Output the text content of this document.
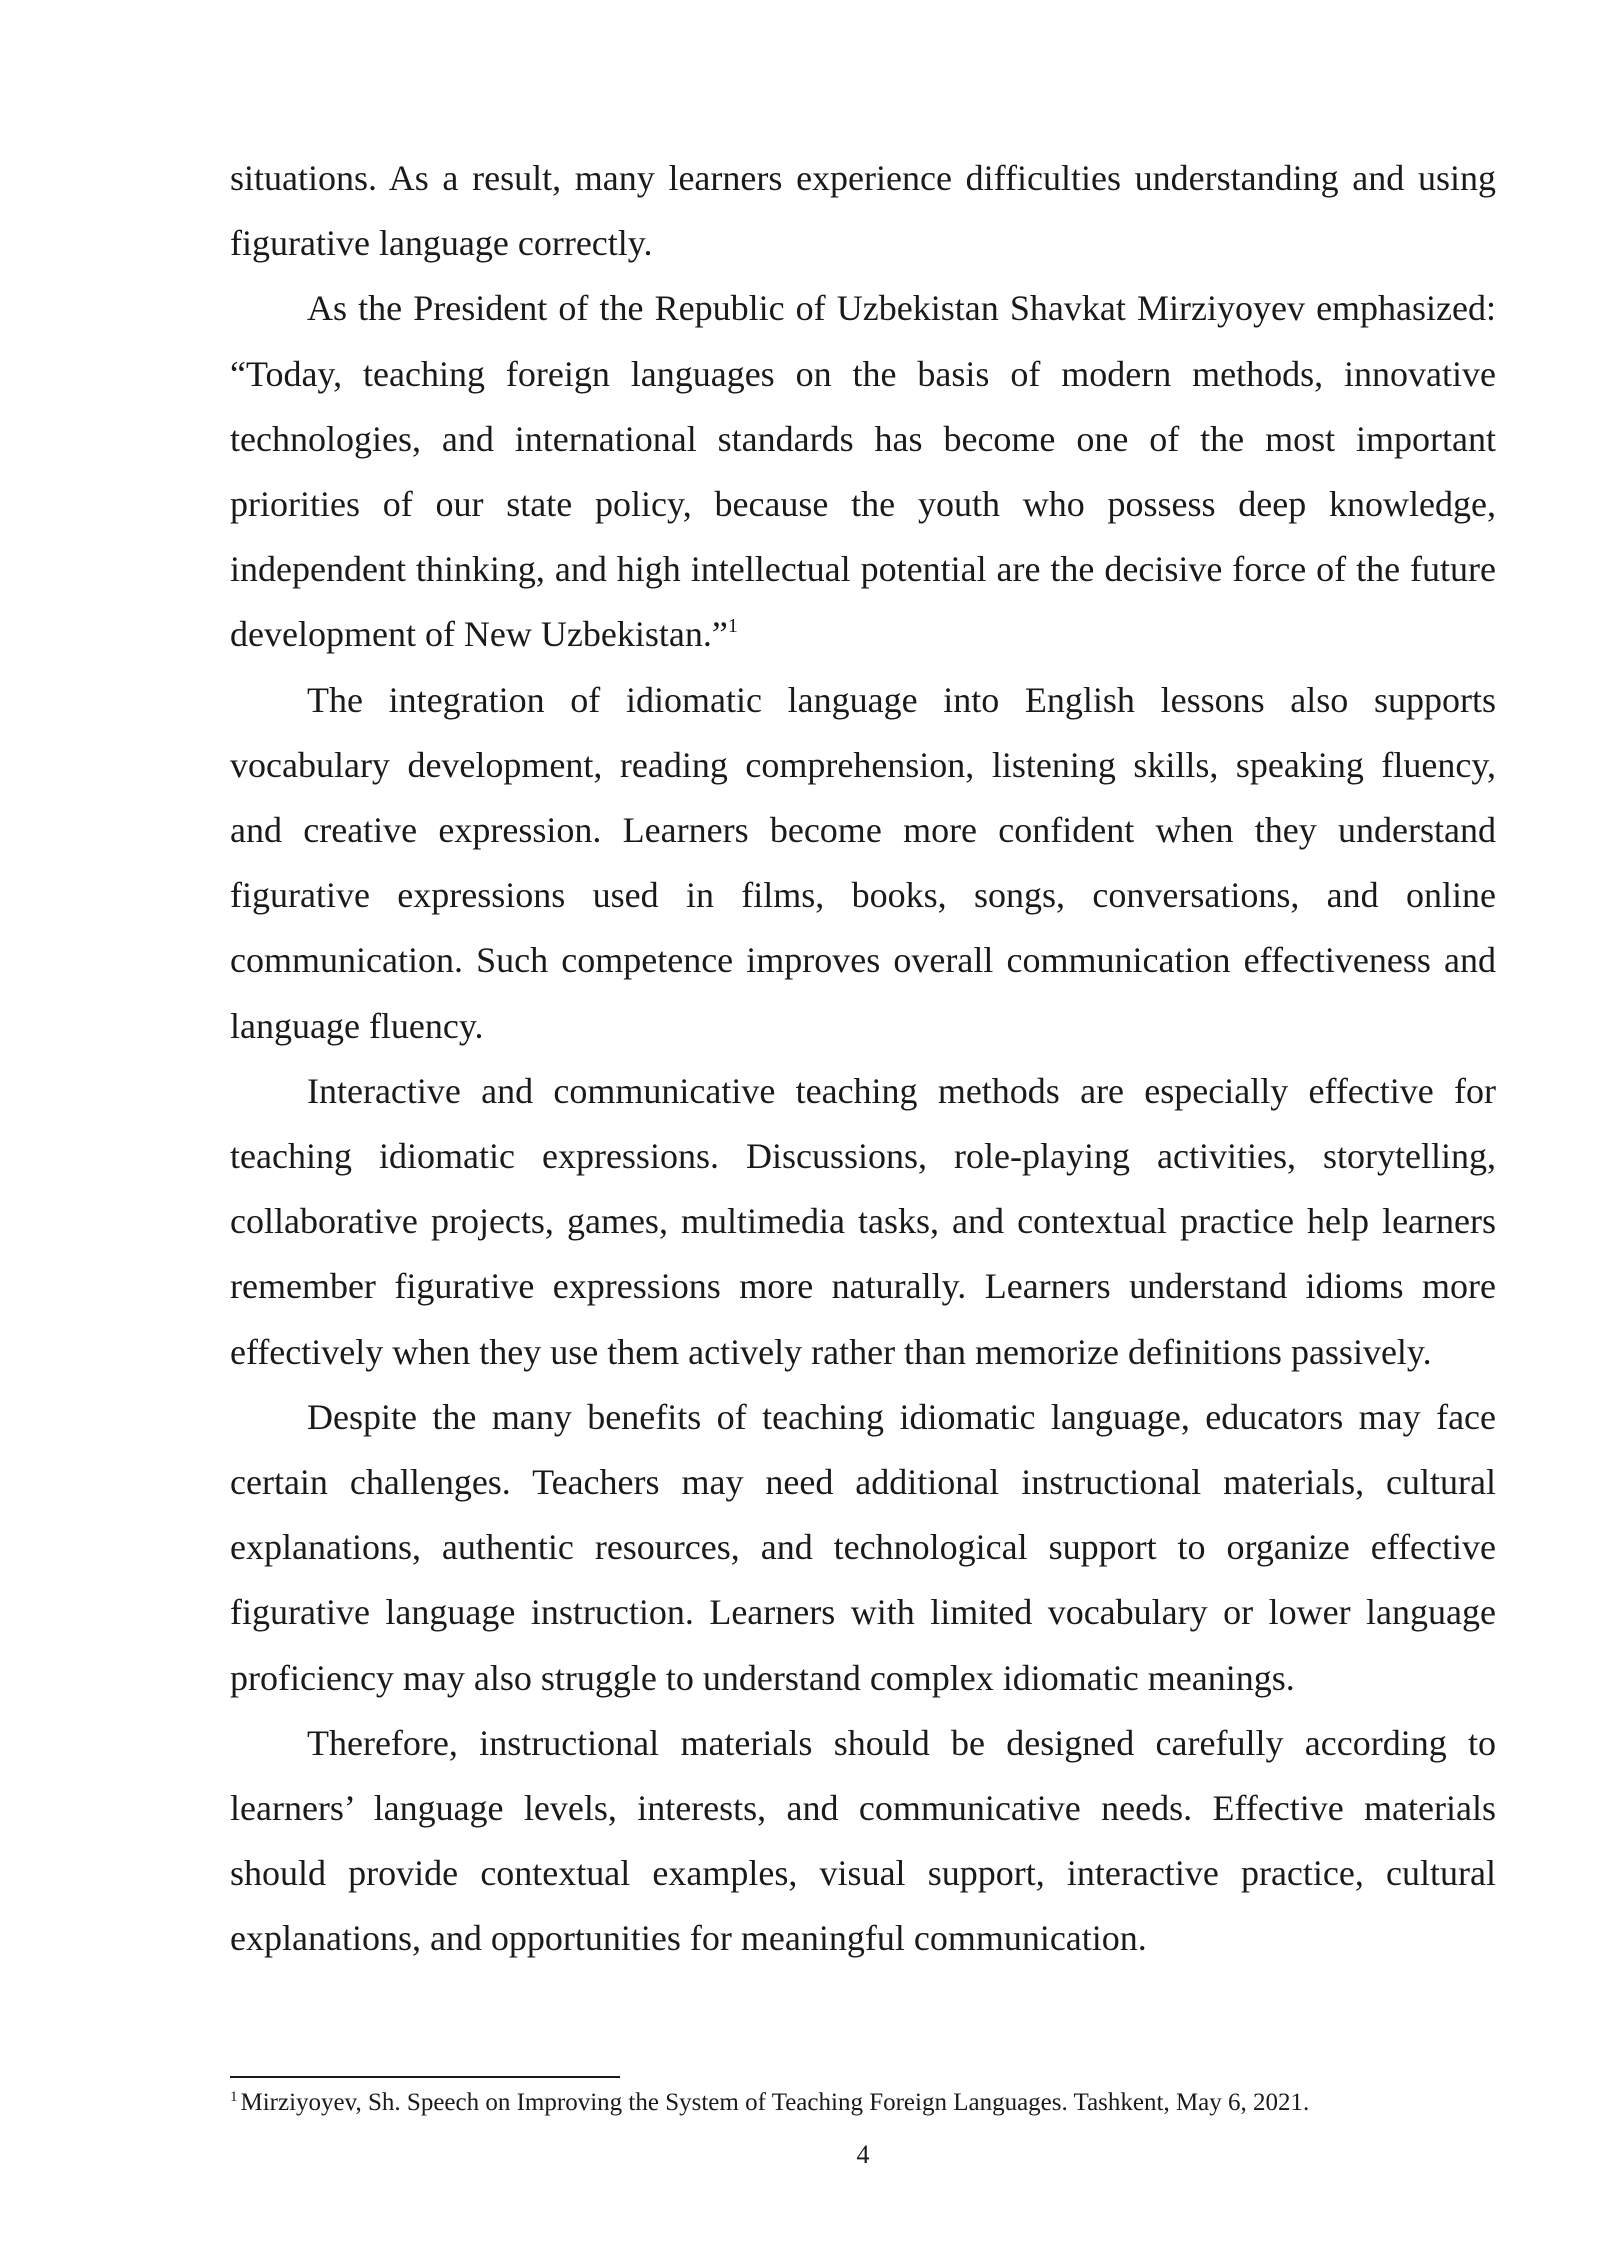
situations. As a result, many learners experience difficulties understanding and using figurative language correctly.

As the President of the Republic of Uzbekistan Shavkat Mirziyoyev emphasized: “Today, teaching foreign languages on the basis of modern methods, innovative technologies, and international standards has become one of the most important priorities of our state policy, because the youth who possess deep knowledge, independent thinking, and high intellectual potential are the decisive force of the future development of New Uzbekistan.”$^1$

The integration of idiomatic language into English lessons also supports vocabulary development, reading comprehension, listening skills, speaking fluency, and creative expression. Learners become more confident when they understand figurative expressions used in films, books, songs, conversations, and online communication. Such competence improves overall communication effectiveness and language fluency.

Interactive and communicative teaching methods are especially effective for teaching idiomatic expressions. Discussions, role-playing activities, storytelling, collaborative projects, games, multimedia tasks, and contextual practice help learners remember figurative expressions more naturally. Learners understand idioms more effectively when they use them actively rather than memorize definitions passively.

Despite the many benefits of teaching idiomatic language, educators may face certain challenges. Teachers may need additional instructional materials, cultural explanations, authentic resources, and technological support to organize effective figurative language instruction. Learners with limited vocabulary or lower language proficiency may also struggle to understand complex idiomatic meanings.

Therefore, instructional materials should be designed carefully according to learners’ language levels, interests, and communicative needs. Effective materials should provide contextual examples, visual support, interactive practice, cultural explanations, and opportunities for meaningful communication.

$^1$ Mirziyoyev, Sh. Speech on Improving the System of Teaching Foreign Languages. Tashkent, May 6, 2021.
4
